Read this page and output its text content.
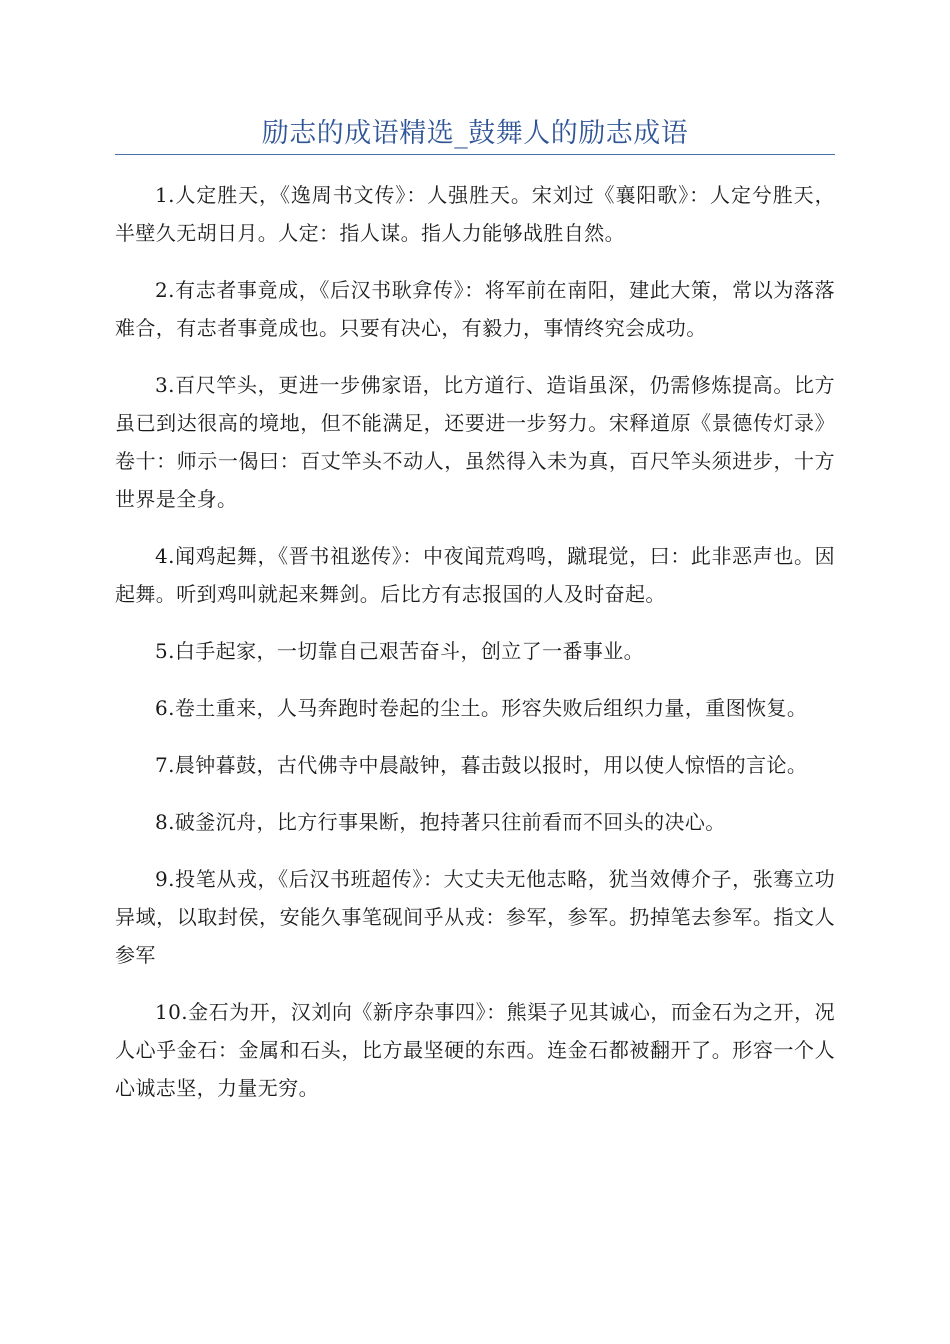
励志的成语精选_鼓舞人的励志成语

1.人定胜天，《逸周书文传》：人强胜天。宋刘过《襄阳歌》：人定兮胜天，半壁久无胡日月。人定：指人谋。指人力能够战胜自然。

2.有志者事竟成，《后汉书耿弇传》：将军前在南阳，建此大策，常以为落落难合，有志者事竟成也。只要有决心，有毅力，事情终究会成功。

3.百尺竿头，更进一步佛家语，比方道行、造诣虽深，仍需修炼提高。比方虽已到达很高的境地，但不能满足，还要进一步努力。宋释道原《景德传灯录》卷十：师示一偈曰：百丈竿头不动人，虽然得入未为真，百尺竿头须进步，十方世界是全身。

4.闻鸡起舞，《晋书祖逖传》：中夜闻荒鸡鸣，蹴琨觉，曰：此非恶声也。因起舞。听到鸡叫就起来舞剑。后比方有志报国的人及时奋起。

5.白手起家，一切靠自己艰苦奋斗，创立了一番事业。

6.卷土重来，人马奔跑时卷起的尘土。形容失败后组织力量，重图恢复。

7.晨钟暮鼓，古代佛寺中晨敲钟，暮击鼓以报时，用以使人惊悟的言论。

8.破釜沉舟，比方行事果断，抱持著只往前看而不回头的决心。

9.投笔从戎，《后汉书班超传》：大丈夫无他志略，犹当效傅介子，张骞立功异域，以取封侯，安能久事笔砚间乎从戎：参军，参军。扔掉笔去参军。指文人参军

10.金石为开，汉刘向《新序杂事四》：熊渠子见其诚心，而金石为之开，况人心乎金石：金属和石头，比方最坚硬的东西。连金石都被翻开了。形容一个人心诚志坚，力量无穷。
